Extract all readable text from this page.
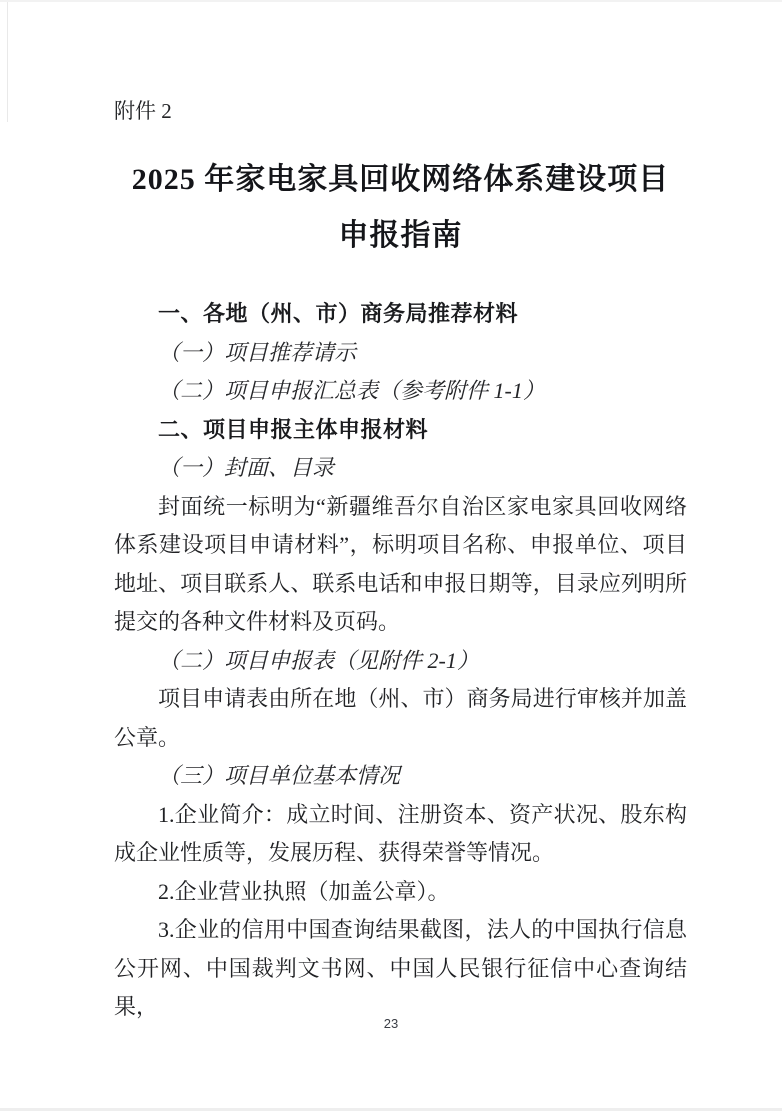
附件 2

2025 年家电家具回收网络体系建设项目
申报指南

一、各地（州、市）商务局推荐材料

（一）项目推荐请示

（二）项目申报汇总表（参考附件 1-1）

二、项目申报主体申报材料

（一）封面、目录

封面统一标明为“新疆维吾尔自治区家电家具回收网络体系建设项目申请材料”，标明项目名称、申报单位、项目地址、项目联系人、联系电话和申报日期等，目录应列明所提交的各种文件材料及页码。

（二）项目申报表（见附件 2-1）

项目申请表由所在地（州、市）商务局进行审核并加盖公章。

（三）项目单位基本情况

1.企业简介：成立时间、注册资本、资产状况、股东构成企业性质等，发展历程、获得荣誉等情况。

2.企业营业执照（加盖公章）。

3.企业的信用中国查询结果截图，法人的中国执行信息公开网、中国裁判文书网、中国人民银行征信中心查询结果，

23
